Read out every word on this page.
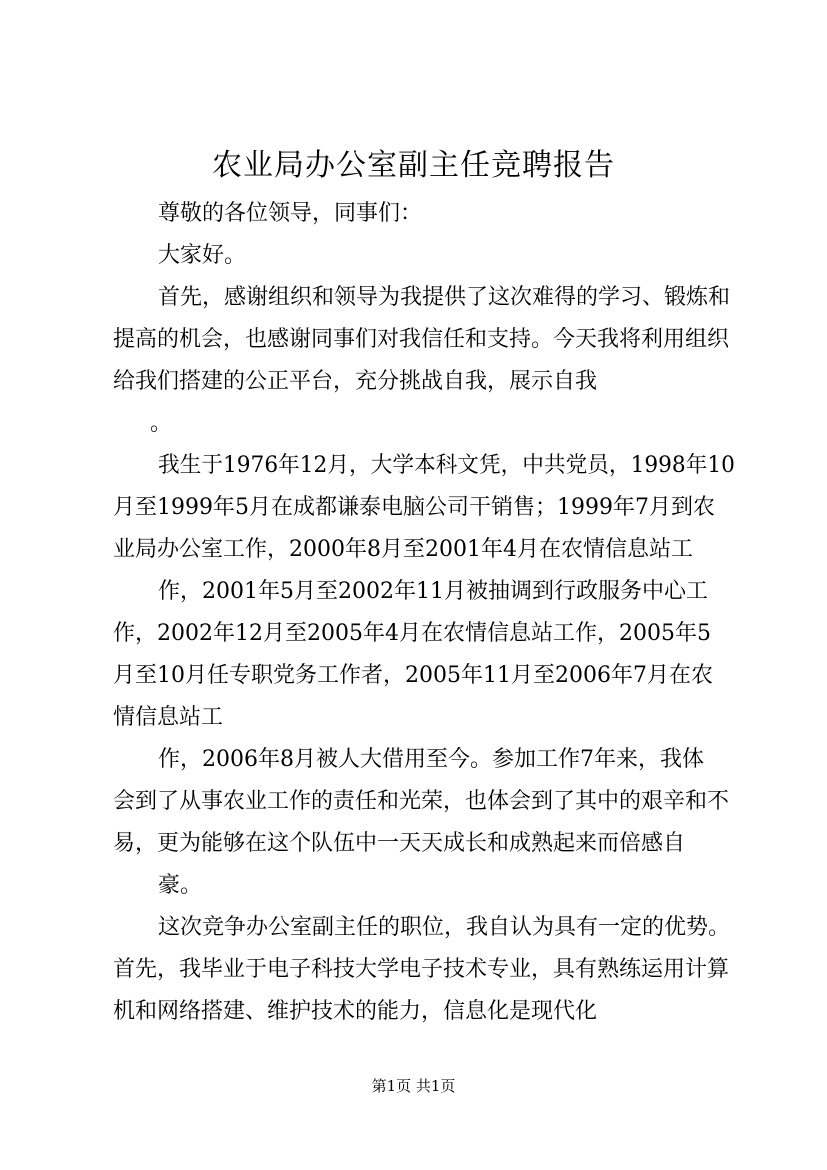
农业局办公室副主任竞聘报告
尊敬的各位领导，同事们：
大家好。
首先，感谢组织和领导为我提供了这次难得的学习、锻炼和
提高的机会，也感谢同事们对我信任和支持。今天我将利用组织
给我们搭建的公正平台，充分挑战自我，展示自我
。
我生于1976年12月，大学本科文凭，中共党员，1998年10
月至1999年5月在成都谦泰电脑公司干销售；1999年7月到农
业局办公室工作，2000年8月至2001年4月在农情信息站工
作，2001年5月至2002年11月被抽调到行政服务中心工
作，2002年12月至2005年4月在农情信息站工作，2005年5
月至10月任专职党务工作者，2005年11月至2006年7月在农
情信息站工
作，2006年8月被人大借用至今。参加工作7年来，我体
会到了从事农业工作的责任和光荣，也体会到了其中的艰辛和不
易，更为能够在这个队伍中一天天成长和成熟起来而倍感自
豪。
这次竞争办公室副主任的职位，我自认为具有一定的优势。
首先，我毕业于电子科技大学电子技术专业，具有熟练运用计算
机和网络搭建、维护技术的能力，信息化是现代化
第1页 共1页
